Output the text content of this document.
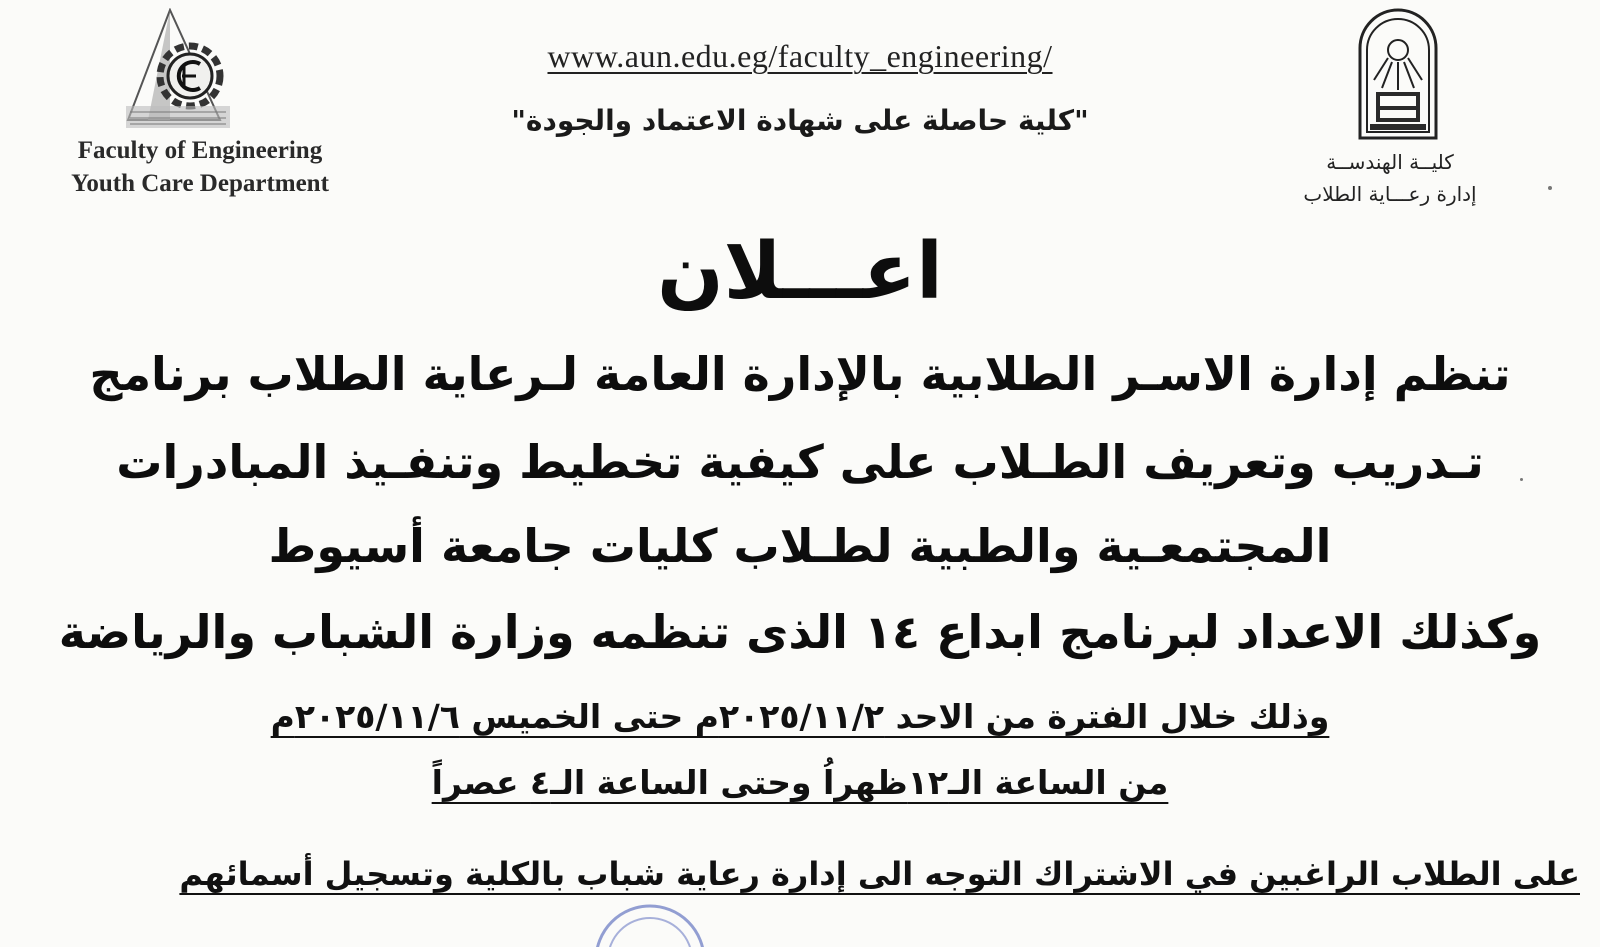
Faculty of Engineering
Youth Care Department
www.aun.edu.eg/faculty_engineering/
"كلية حاصلة على شهادة الاعتماد والجودة"
كليــة الهندســة
إدارة رعـــاية الطلاب
اعـــلان
تنظم إدارة الاسـر الطلابية بالإدارة العامة لـرعاية الطلاب برنامج
تـدريب وتعريف الطـلاب على كيفية تخطيط وتنفـيذ المبادرات
المجتمعـية والطبية لطـلاب كليات جامعة أسيوط
وكذلك الاعداد لبرنامج ابداع ١٤ الذى تنظمه وزارة الشباب والرياضة
وذلك خلال الفترة من الاحد ٢٠٢٥/١١/٢م حتى الخميس ٢٠٢٥/١١/٦م
من الساعة الـ١٢ظهراُ وحتى الساعة الـ٤ عصراً
على الطلاب الراغبين في الاشتراك التوجه الى إدارة رعاية شباب بالكلية وتسجيل أسمائهم
